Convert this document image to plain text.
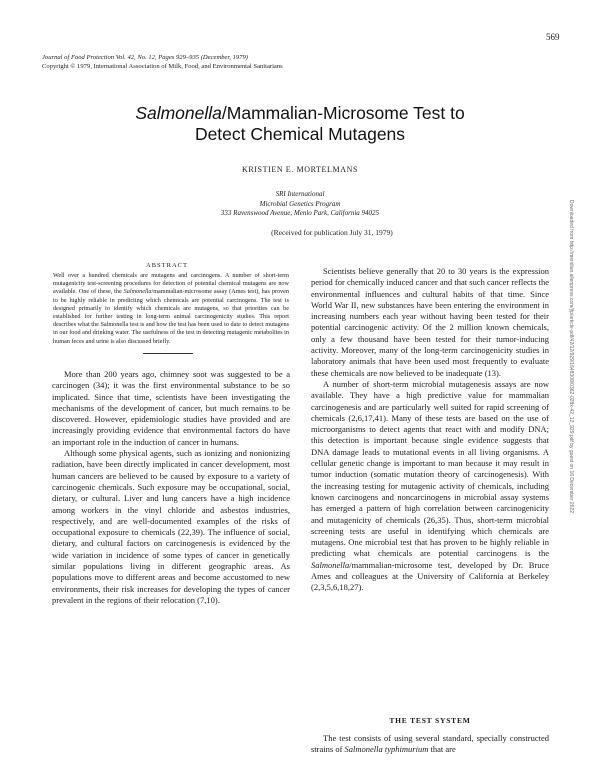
569
Journal of Food Protection Vol. 42, No. 12, Pages 929–935 (December, 1979)
Copyright © 1979, International Association of Milk, Food, and Environmental Sanitarians
Salmonella/Mammalian-Microsome Test to
Detect Chemical Mutagens
KRISTIEN E. MORTELMANS
SRI International
Microbial Genetics Program
333 Ravenswood Avenue, Menlo Park, California 94025
(Received for publication July 31, 1979)
ABSTRACT
Well over a hundred chemicals are mutagens and carcinogens. A number of short-term mutagenicity test-screening procedures for detection of potential chemical mutagens are now available. One of these, the Salmonella/mammalian-microsome assay (Ames test), has proven to be highly reliable in predicting which chemicals are potential carcinogens. The test is designed primarily to identify which chemicals are mutagens, so that priorities can be established for further testing in long-term animal carcinogenicity studies. This report describes what the Salmonella test is and how the test has been used to date to detect mutagens in our food and drinking water. The usefulness of the test in detecting mutagenic metabolites in human feces and urine is also discussed briefly.

More than 200 years ago, chimney soot was suggested to be a carcinogen (34); it was the first environmental substance to be so implicated. Since that time, scientists have been investigating the mechanisms of the development of cancer, but much remains to be discovered. However, epidemiologic studies have provided and are increasingly providing evidence that environmental factors do have an important role in the induction of cancer in humans.

Although some physical agents, such as ionizing and nonionizing radiation, have been directly implicated in cancer development, most human cancers are believed to be caused by exposure to a variety of carcinogenic chemicals. Such exposure may be occupational, social, dietary, or cultural. Liver and lung cancers have a high incidence among workers in the vinyl chloride and asbestos industries, respectively, and are well-documented examples of the risks of occupational exposure to chemicals (22,39). The influence of social, dietary, and cultural factors on carcinogenesis is evidenced by the wide variation in incidence of some types of cancer in genetically similar populations living in different geographic areas. As populations move to different areas and become accustomed to new environments, their risk increases for developing the types of cancer prevalent in the regions of their relocation (7,10).

Scientists believe generally that 20 to 30 years is the expression period for chemically induced cancer and that such cancer reflects the environmental influences and cultural habits of that time. Since World War II, new substances have been entering the environment in increasing numbers each year without having been tested for their potential carcinogenic activity. Of the 2 million known chemicals, only a few thousand have been tested for their tumor-inducing activity. Moreover, many of the long-term carcinogenicity studies in laboratory animals that have been used most frequently to evaluate these chemicals are now believed to be inadequate (13).

A number of short-term microbial mutagenesis assays are now available. They have a high predictive value for mammalian carcinogenesis and are particularly well suited for rapid screening of chemicals (2,6,17,41). Many of these tests are based on the use of microorganisms to detect agents that react with and modify DNA; this detection is important because single evidence suggests that DNA damage leads to mutational events in all living organisms. A cellular genetic change is important to man because it may result in tumor induction (somatic mutation theory of carcinogenesis). With the increasing testing for mutagenic activity of chemicals, including known carcinogens and noncarcinogens in microbial assay systems has emerged a pattern of high correlation between carcinogenicity and mutagenicity of chemicals (26,35). Thus, short-term microbial screening tests are useful in identifying which chemicals are mutagens. One microbial test that has proven to be highly reliable in predicting what chemicals are potential carcinogens is the Salmonella/mammalian-microsome test, developed by Dr. Bruce Ames and colleagues at the University of California at Berkeley (2,3,5,6,18,27).

THE TEST SYSTEM
The test consists of using several standard, specially constructed strains of Salmonella typhimurium that are
Downloaded from http://meridian.allenpress.com/jfp/article-pdf/42/12/929/1648308/0362-028x-42_12_929.pdf by guest on 16 December 2022
